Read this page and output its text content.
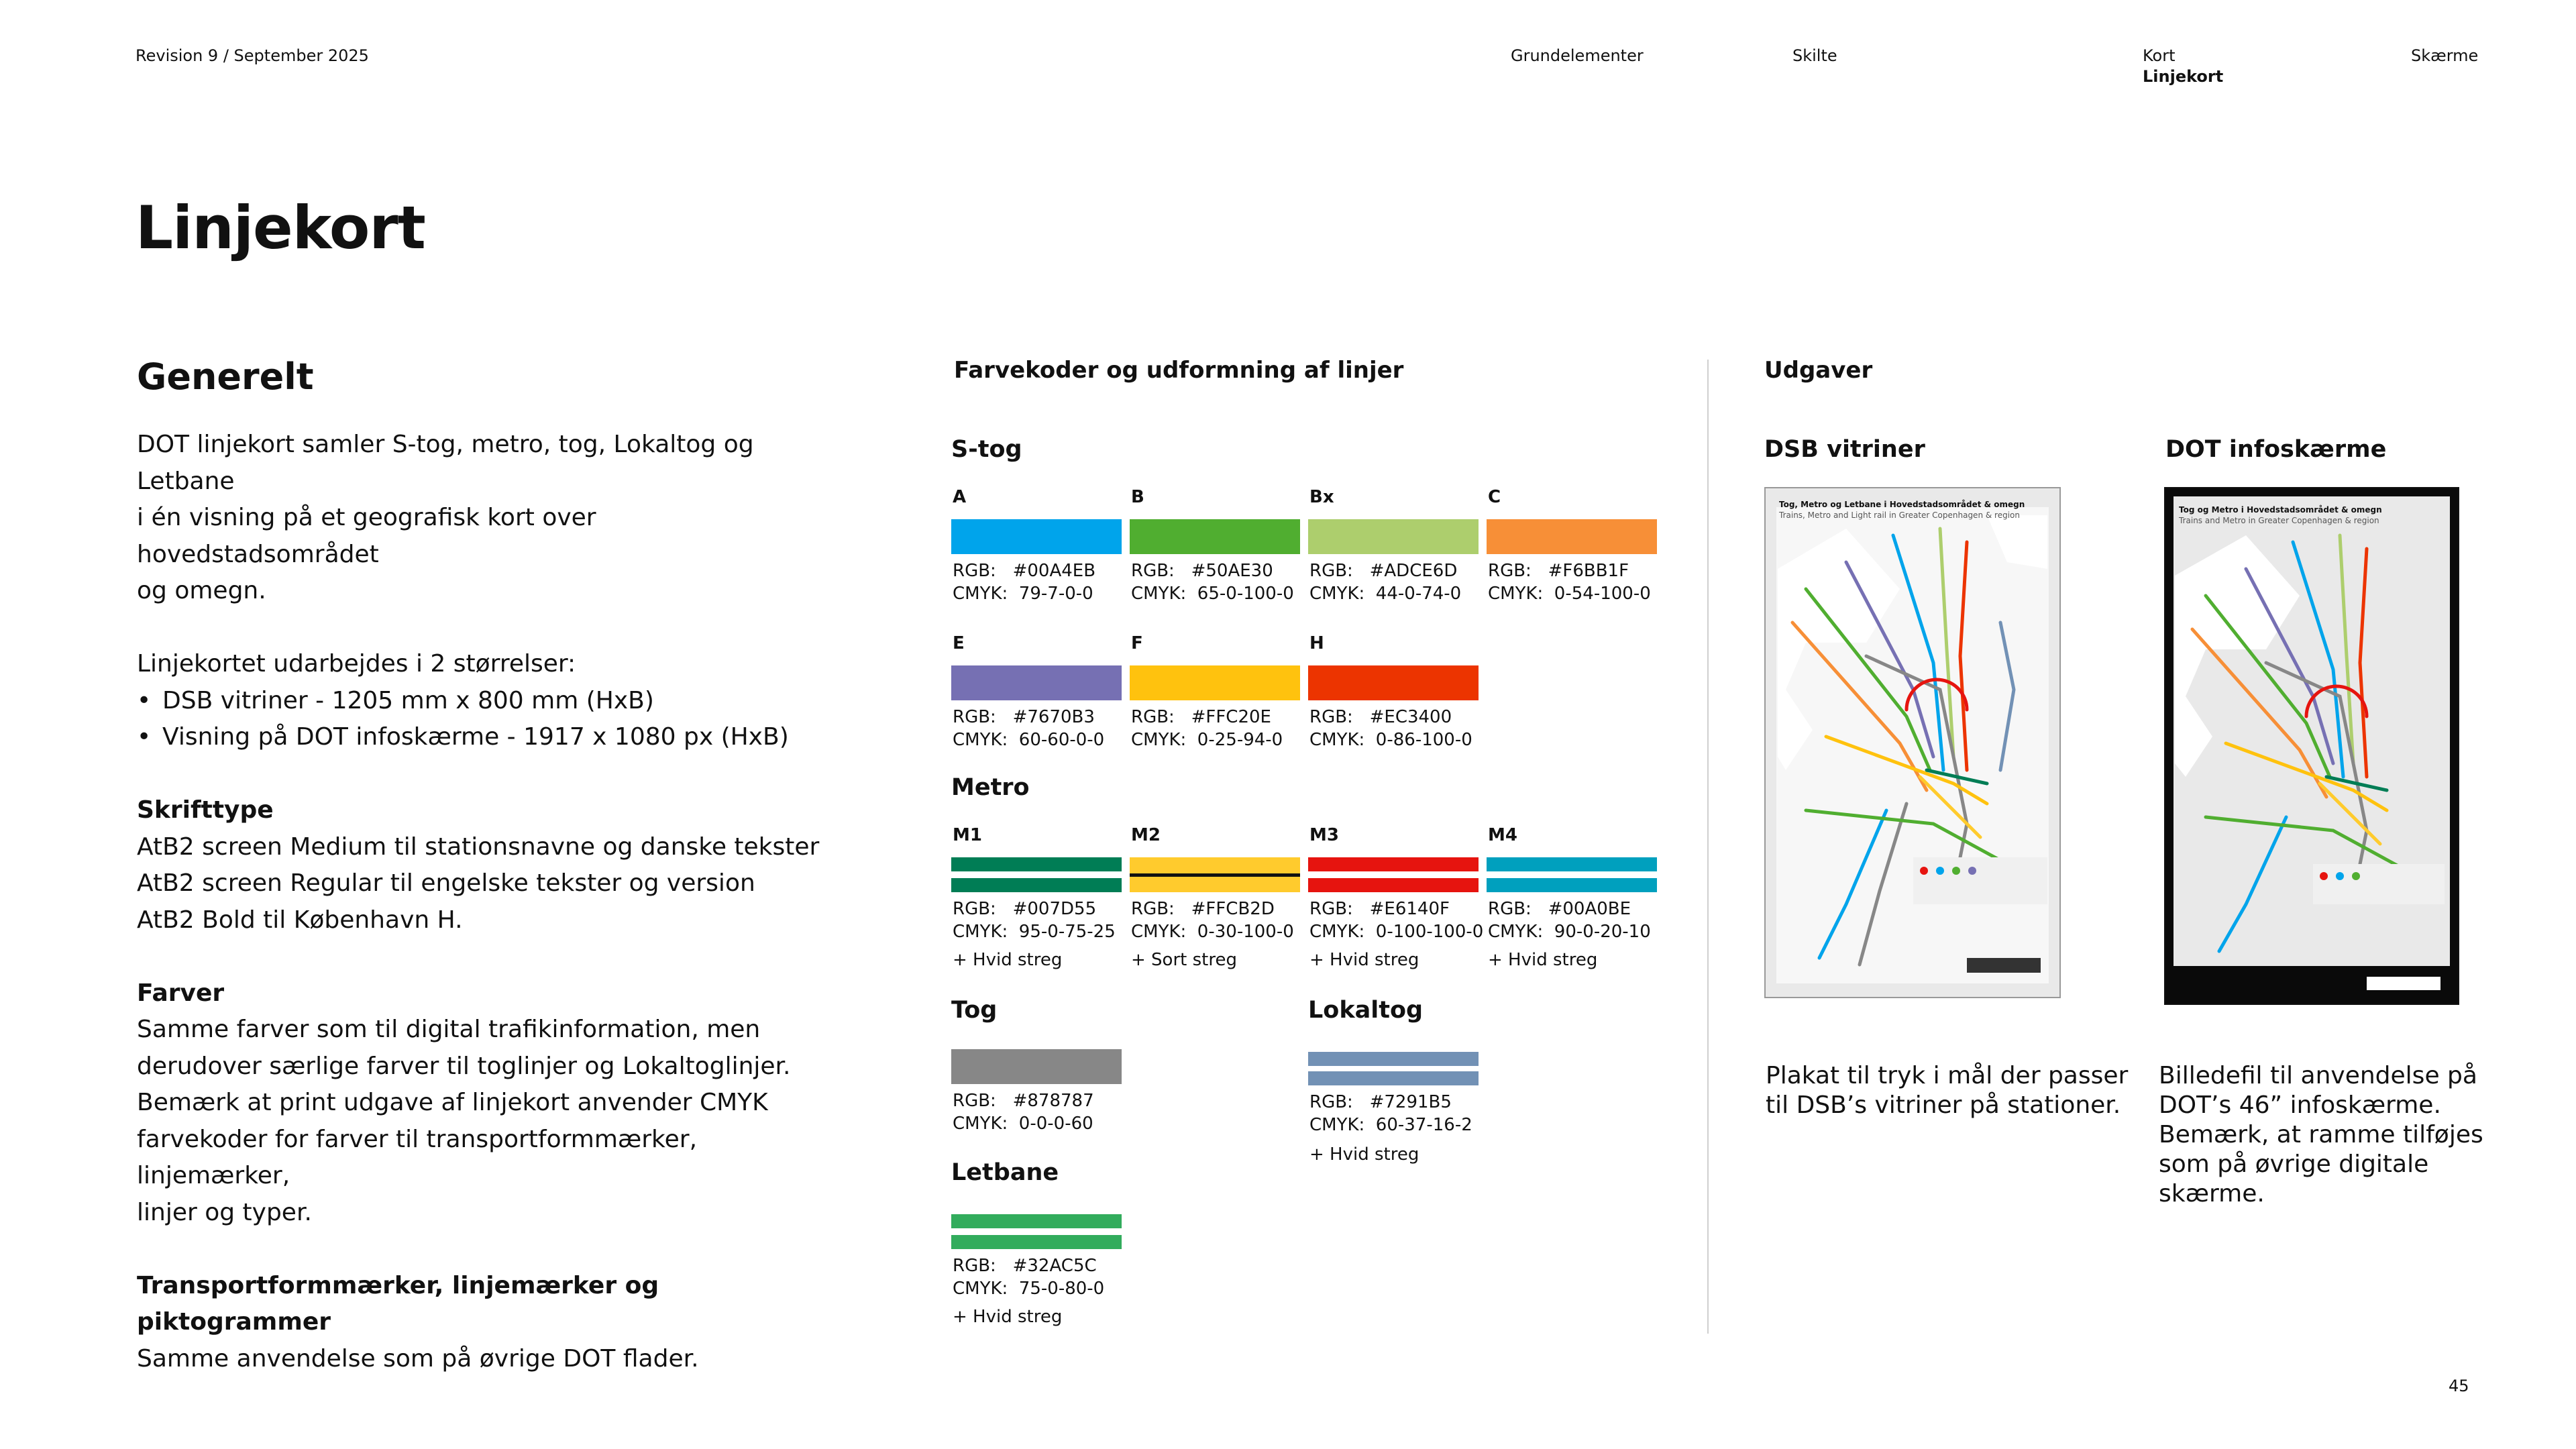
Revision 9 / September 2025	Grundelementer	Skilte	Kort
Linjekort
Skærme
Linjekort
Generelt

DOT linjekort samler S-tog, metro, tog, Lokaltog og Letbane

i én visning på et geografisk kort over hovedstadsområdet

og omegn.

Linjekortet udarbejdes i 2 størrelser:

• DSB vitriner - 1205 mm x 800 mm (HxB)
• Visning på DOT infoskærme - 1917 x 1080 px (HxB)

Skrifttype

AtB2 screen Medium til stationsnavne og danske tekster

AtB2 screen Regular til engelske tekster og version

AtB2 Bold til København H.

Farver

Samme farver som til digital trafikinformation, men

derudover særlige farver til toglinjer og Lokaltoglinjer.

Bemærk at print udgave af linjekort anvender CMYK

farvekoder for farver til transportformmærker, linjemærker,

linjer og typer.

Transportformmærker, linjemærker og piktogrammer

Samme anvendelse som på øvrige DOT flader.

Farvekoder og udformning af linjer
S-tog
A
RGB:   #00A4EB
CMYK:  79-7-0-0
B
RGB:   #50AE30
CMYK:  65-0-100-0
Bx
RGB:   #ADCE6D
CMYK:  44-0-74-0
C
RGB:   #F6BB1F
CMYK:  0-54-100-0
E
RGB:   #7670B3
CMYK:  60-60-0-0
F
RGB:   #FFC20E
CMYK:  0-25-94-0
H
RGB:   #EC3400
CMYK:  0-86-100-0
Metro
M1
RGB:   #007D55
CMYK:  95-0-75-25
+ Hvid streg
M2
RGB:   #FFCB2D
CMYK:  0-30-100-0
+ Sort streg
M3
RGB:   #E6140F
CMYK:  0-100-100-0
+ Hvid streg
M4
RGB:   #00A0BE
CMYK:  90-0-20-10
+ Hvid streg
Tog
RGB:   #878787
CMYK:  0-0-0-60
Lokaltog
RGB:   #7291B5
CMYK:  60-37-16-2
+ Hvid streg
Letbane
RGB:   #32AC5C
CMYK:  75-0-80-0
+ Hvid streg
Udgaver
DSB vitriner
Tog, Metro og Letbane i Hovedstadsområdet & omegn
Trains, Metro and Light rail in Greater Copenhagen & region
Plakat til tryk i mål der passer
til DSB’s vitriner på stationer.
DOT infoskærme
Tog og Metro i Hovedstadsområdet & omegn
Trains and Metro in Greater Copenhagen & region
Billedefil til anvendelse på
DOT’s 46” infoskærme.
Bemærk, at ramme tilføjes
som på øvrige digitale
skærme.
45
